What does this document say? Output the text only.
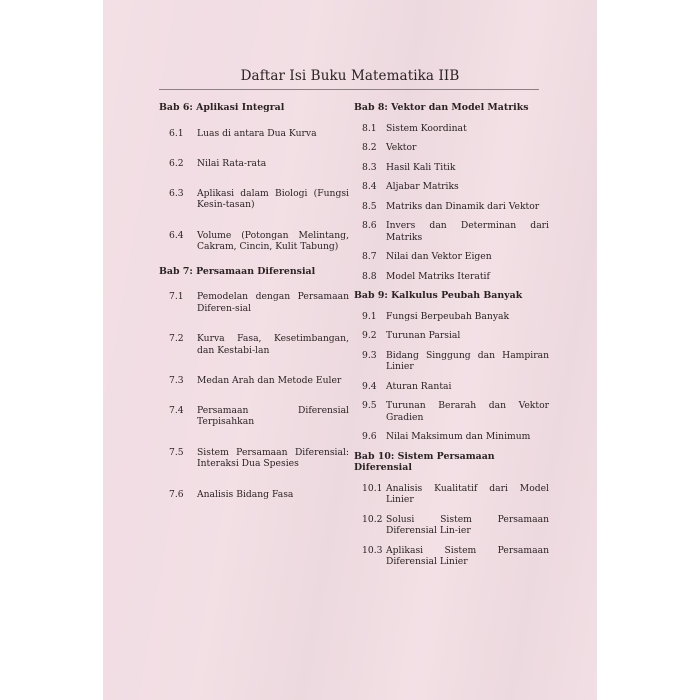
Daftar Isi Buku Matematika IIB
Bab 6: Aplikasi Integral
6.1	Luas di antara Dua Kurva
6.2	Nilai Rata-rata
6.3	Aplikasi dalam Biologi (Fungsi Kesin-tasan)
6.4	Volume (Potongan Melintang, Cakram, Cincin, Kulit Tabung)
Bab 7: Persamaan Diferensial
7.1	Pemodelan dengan Persamaan Diferen-sial
7.2	Kurva Fasa, Kesetimbangan, dan Kestabi-lan
7.3	Medan Arah dan Metode Euler
7.4	Persamaan Diferensial Terpisahkan
7.5	Sistem Persamaan Diferensial: Interaksi Dua Spesies
7.6	Analisis Bidang Fasa
Bab 8: Vektor dan Model Matriks
8.1	Sistem Koordinat
8.2	Vektor
8.3	Hasil Kali Titik
8.4	Aljabar Matriks
8.5	Matriks dan Dinamik dari Vektor
8.6	Invers dan Determinan dari Matriks
8.7	Nilai dan Vektor Eigen
8.8	Model Matriks Iteratif
Bab 9: Kalkulus Peubah Banyak
9.1	Fungsi Berpeubah Banyak
9.2	Turunan Parsial
9.3	Bidang Singgung dan Hampiran Linier
9.4	Aturan Rantai
9.5	Turunan Berarah dan Vektor Gradien
9.6	Nilai Maksimum dan Minimum
Bab 10: Sistem Persamaan Diferensial
10.1 Analisis Kualitatif dari Model Linier
10.2 Solusi Sistem Persamaan Diferensial Lin-ier
10.3 Aplikasi Sistem Persamaan Diferensial Linier
